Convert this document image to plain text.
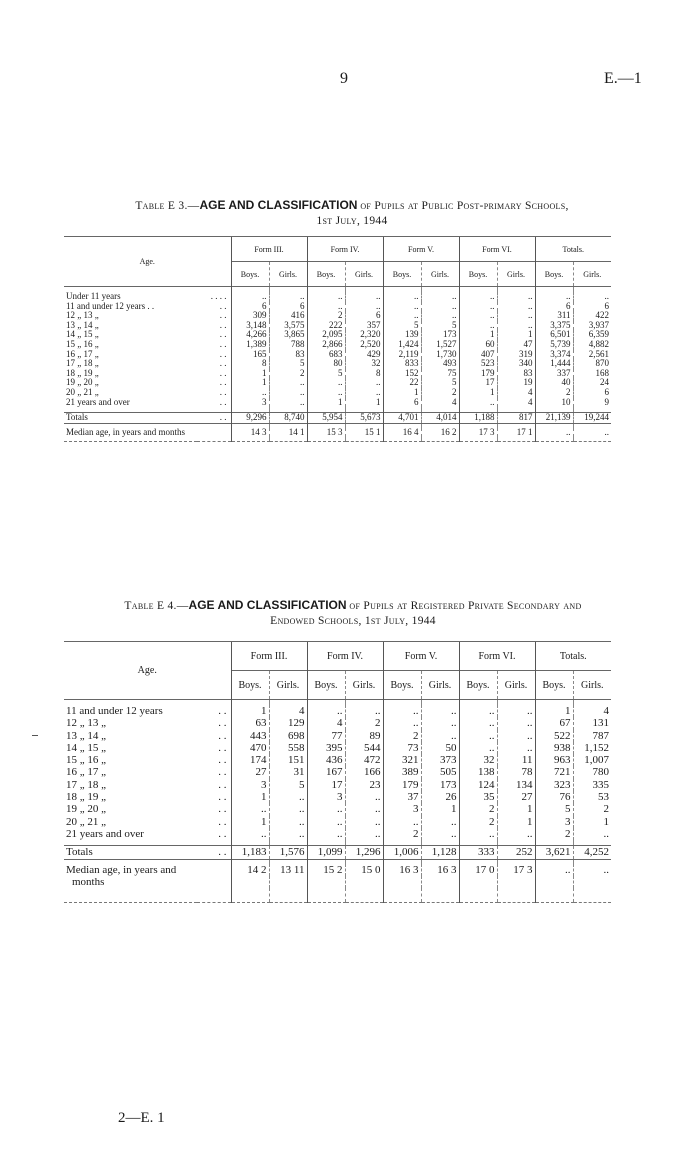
9	E.—1
Table E 3.—AGE AND CLASSIFICATION of Pupils at Public Post-primary Schools,
1st July, 1944
Age.		Form III.		Form IV.		Form V.		Form VI.		Totals.	
		Boys.	Girls.	Boys.	Girls.	Boys.	Girls.	Boys.	Girls.	Boys.	Girls.

Under 11 years	. . . .	..	..	..	..	..	..	..	..	..	..
11 and under 12 years . .	. .	6	6	..	..	..	..	..	..	6	6
12 „ 13 „	. .	309	416	2	6	..	..	..	..	311	422
13 „ 14 „	. .	3,148	3,575	222	357	5	5	..	..	3,375	3,937
14 „ 15 „	. .	4,266	3,865	2,095	2,320	139	173	1	1	6,501	6,359
15 „ 16 „	. .	1,389	788	2,866	2,520	1,424	1,527	60	47	5,739	4,882
16 „ 17 „	. .	165	83	683	429	2,119	1,730	407	319	3,374	2,561
17 „ 18 „	. .	8	5	80	32	833	493	523	340	1,444	870
18 „ 19 „	. .	1	2	5	8	152	75	179	83	337	168
19 „ 20 „	. .	1	..	..	..	22	5	17	19	40	24
20 „ 21 „	. .	..	..	..	..	1	2	1	4	2	6
21 years and over	. .	3	..	1	1	6	4	..	4	10	9

Totals	. .	9,296	8,740	5,954	5,673	4,701	4,014	1,188	817	21,139	19,244

Median age, in years and months		14 3	14 1	15 3	15 1	16 4	16 2	17 3	17 1	..	..

Table E 4.—AGE AND CLASSIFICATION of Pupils at Registered Private Secondary and
Endowed Schools, 1st July, 1944
Age.		Form III.		Form IV.		Form V.		Form VI.		Totals.	
		Boys.	Girls.	Boys.	Girls.	Boys.	Girls.	Boys.	Girls.	Boys.	Girls.

11 and under 12 years	. .	1	4	..	..	..	..	..	..	1	4
12 „ 13 „	. .	63	129	4	2	..	..	..	..	67	131
13 „ 14 „	. .	443	698	77	89	2	..	..	..	522	787
14 „ 15 „	. .	470	558	395	544	73	50	..	..	938	1,152
15 „ 16 „	. .	174	151	436	472	321	373	32	11	963	1,007
16 „ 17 „	. .	27	31	167	166	389	505	138	78	721	780
17 „ 18 „	. .	3	5	17	23	179	173	124	134	323	335
18 „ 19 „	. .	1	..	3	..	37	26	35	27	76	53
19 „ 20 „	. .	..	..	..	..	3	1	2	1	5	2
20 „ 21 „	. .	1	..	..	..	..	..	2	1	3	1
21 years and over	. .	..	..	..	..	2	..	..	..	2	..

Totals	. .	1,183	1,576	1,099	1,296	1,006	1,128	333	252	3,621	4,252

Median age, in years and		14 2	13 11	15 2	15 0	16 3	16 3	17 0	17 3	..	..
months											

2—E. 1
